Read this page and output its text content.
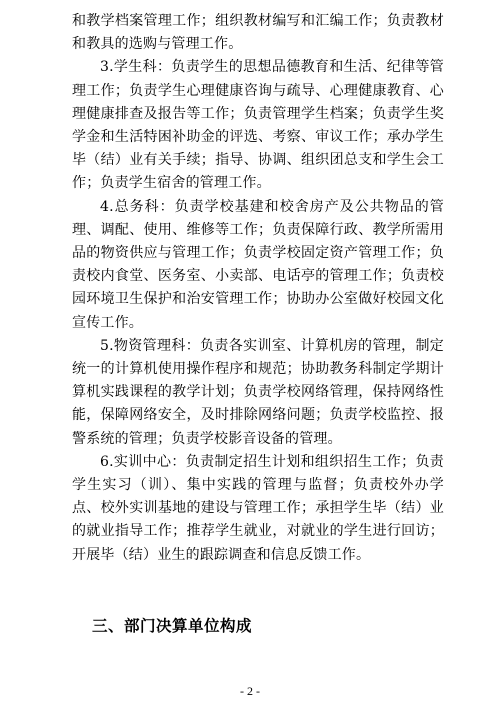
和教学档案管理工作；组织教材编写和汇编工作；负责教材和教具的选购与管理工作。

3.学生科：负责学生的思想品德教育和生活、纪律等管理工作；负责学生心理健康咨询与疏导、心理健康教育、心理健康排查及报告等工作；负责管理学生档案；负责学生奖学金和生活特困补助金的评选、考察、审议工作；承办学生毕（结）业有关手续；指导、协调、组织团总支和学生会工作；负责学生宿舍的管理工作。

4.总务科：负责学校基建和校舍房产及公共物品的管理、调配、使用、维修等工作；负责保障行政、教学所需用品的物资供应与管理工作；负责学校固定资产管理工作；负责校内食堂、医务室、小卖部、电话亭的管理工作；负责校园环境卫生保护和治安管理工作；协助办公室做好校园文化宣传工作。

5.物资管理科：负责各实训室、计算机房的管理，制定统一的计算机使用操作程序和规范；协助教务科制定学期计算机实践课程的教学计划；负责学校网络管理，保持网络性能，保障网络安全，及时排除网络问题；负责学校监控、报警系统的管理；负责学校影音设备的管理。

6.实训中心：负责制定招生计划和组织招生工作；负责学生实习（训）、集中实践的管理与监督；负责校外办学点、校外实训基地的建设与管理工作；承担学生毕（结）业的就业指导工作；推荐学生就业，对就业的学生进行回访；开展毕（结）业生的跟踪调查和信息反馈工作。

三、部门决算单位构成
- 2 -
